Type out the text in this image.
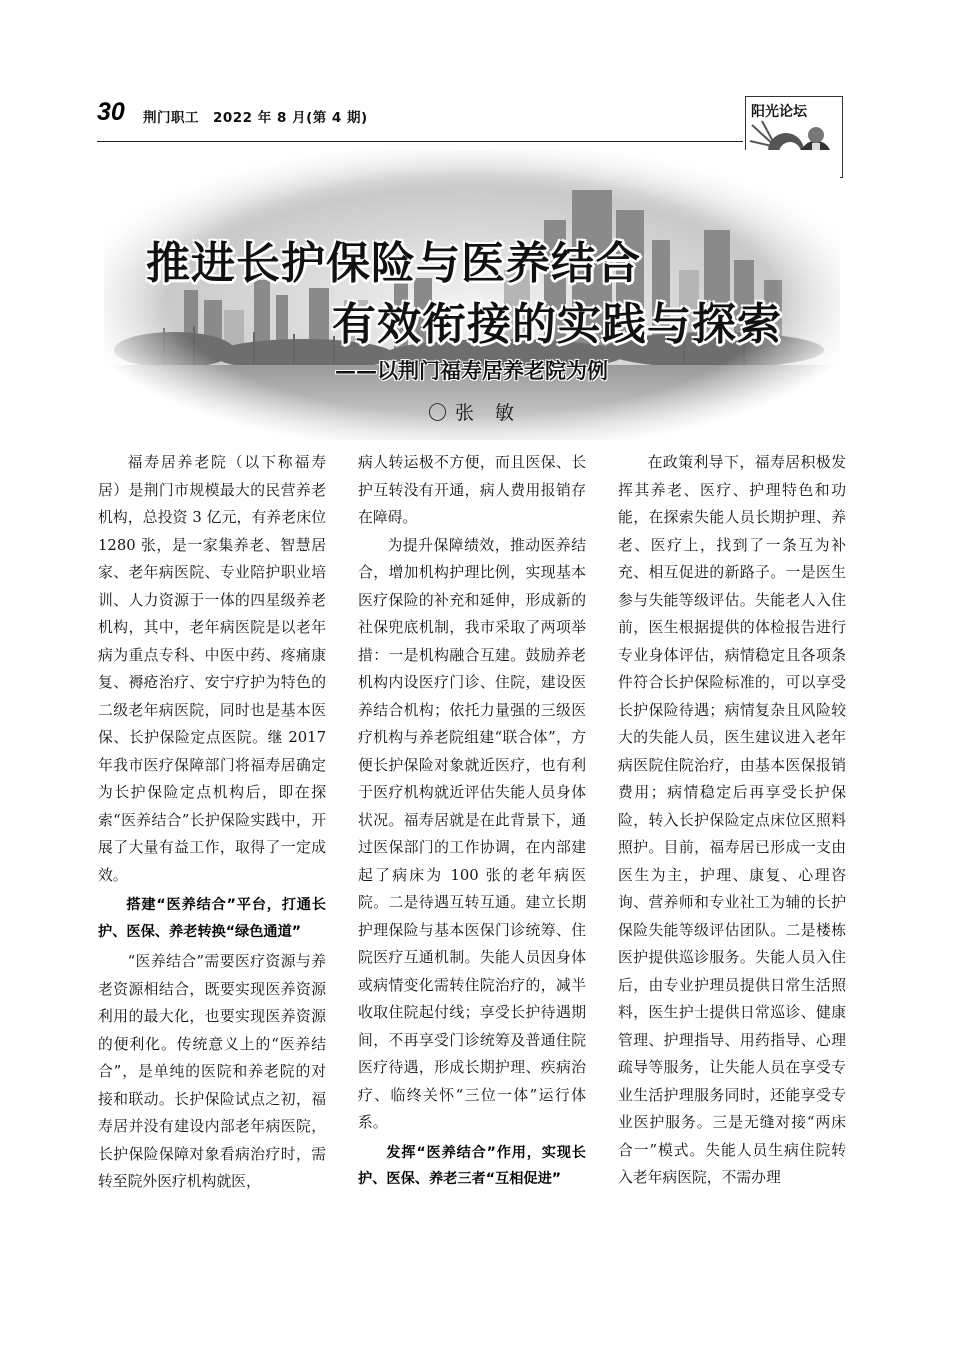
30 荆门职工　2022 年 8 月(第 4 期)	阳光论坛
推进长护保险与医养结合
有效衔接的实践与探索
——以荆门福寿居养老院为例
〇 张　敏

福寿居养老院（以下称福寿居）是荆门市规模最大的民营养老机构，总投资 3 亿元，有养老床位 1280 张，是一家集养老、智慧居家、老年病医院、专业陪护职业培训、人力资源于一体的四星级养老机构，其中，老年病医院是以老年病为重点专科、中医中药、疼痛康复、褥疮治疗、安宁疗护为特色的二级老年病医院，同时也是基本医保、长护保险定点医院。继 2017 年我市医疗保障部门将福寿居确定为长护保险定点机构后，即在探索“医养结合”长护保险实践中，开展了大量有益工作，取得了一定成效。

搭建“医养结合”平台，打通长护、医保、养老转换“绿色通道”

“医养结合”需要医疗资源与养老资源相结合，既要实现医养资源利用的最大化，也要实现医养资源的便利化。传统意义上的“医养结合”，是单纯的医院和养老院的对接和联动。长护保险试点之初，福寿居并没有建设内部老年病医院，长护保险保障对象看病治疗时，需转至院外医疗机构就医，

病人转运极不方便，而且医保、长护互转没有开通，病人费用报销存在障碍。

为提升保障绩效，推动医养结合，增加机构护理比例，实现基本医疗保险的补充和延伸，形成新的社保兜底机制，我市采取了两项举措：一是机构融合互建。鼓励养老机构内设医疗门诊、住院，建设医养结合机构；依托力量强的三级医疗机构与养老院组建“联合体”，方便长护保险对象就近医疗，也有利于医疗机构就近评估失能人员身体状况。福寿居就是在此背景下，通过医保部门的工作协调，在内部建起了病床为 100 张的老年病医院。二是待遇互转互通。建立长期护理保险与基本医保门诊统筹、住院医疗互通机制。失能人员因身体或病情变化需转住院治疗的，减半收取住院起付线；享受长护待遇期间，不再享受门诊统筹及普通住院医疗待遇，形成长期护理、疾病治疗、临终关怀“三位一体”运行体系。

发挥“医养结合”作用，实现长护、医保、养老三者“互相促进”

在政策利导下，福寿居积极发挥其养老、医疗、护理特色和功能，在探索失能人员长期护理、养老、医疗上，找到了一条互为补充、相互促进的新路子。一是医生参与失能等级评估。失能老人入住前，医生根据提供的体检报告进行专业身体评估，病情稳定且各项条件符合长护保险标准的，可以享受长护保险待遇；病情复杂且风险较大的失能人员，医生建议进入老年病医院住院治疗，由基本医保报销费用；病情稳定后再享受长护保险，转入长护保险定点床位区照料照护。目前，福寿居已形成一支由医生为主，护理、康复、心理咨询、营养师和专业社工为辅的长护保险失能等级评估团队。二是楼栋医护提供巡诊服务。失能人员入住后，由专业护理员提供日常生活照料，医生护士提供日常巡诊、健康管理、护理指导、用药指导、心理疏导等服务，让失能人员在享受专业生活护理服务同时，还能享受专业医护服务。三是无缝对接“两床合一”模式。失能人员生病住院转入老年病医院，不需办理
